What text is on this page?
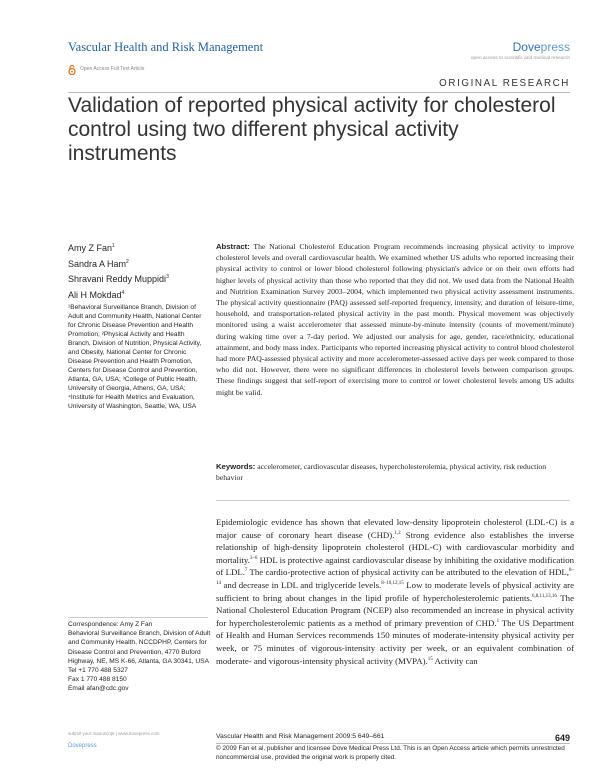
Vascular Health and Risk Management	Dovepress
open access to scientific and medical research
Open Access Full Text Article
ORIGINAL RESEARCH
Validation of reported physical activity for cholesterol control using two different physical activity instruments
Amy Z Fan$^1$
Sandra A Ham$^2$
Shravani Reddy Muppidi$^3$
Ali H Mokdad$^4$
¹Behavioral Surveillance Branch, Division of Adult and Community Health, National Center for Chronic Disease Prevention and Health Promotion; ²Physical Activity and Health Branch, Division of Nutrition, Physical Activity, and Obesity, National Center for Chronic Disease Prevention and Health Promotion, Centers for Disease Control and Prevention, Atlanta, GA, USA; ³College of Public Health, University of Georgia, Athens, GA, USA; ⁴Institute for Health Metrics and Evaluation, University of Washington, Seattle, WA, USA
Abstract: The National Cholesterol Education Program recommends increasing physical activity to improve cholesterol levels and overall cardiovascular health. We examined whether US adults who reported increasing their physical activity to control or lower blood cholesterol following physician's advice or on their own efforts had higher levels of physical activity than those who reported that they did not. We used data from the National Health and Nutrition Examination Survey 2003–2004, which implemented two physical activity assessment instruments. The physical activity questionnaire (PAQ) assessed self-reported frequency, intensity, and duration of leisure-time, household, and transportation-related physical activity in the past month. Physical movement was objectively monitored using a waist accelerometer that assessed minute-by-minute intensity (counts of movement/minute) during waking time over a 7-day period. We adjusted our analysis for age, gender, race/ethnicity, educational attainment, and body mass index. Participants who reported increasing physical activity to control blood cholesterol had more PAQ-assessed physical activity and more accelerometer-assessed active days per week compared to those who did not. However, there were no significant differences in cholesterol levels between comparison groups. These findings suggest that self-report of exercising more to control or lower cholesterol levels among US adults might be valid.
Keywords: accelerometer, cardiovascular diseases, hypercholesterolemia, physical activity, risk reduction behavior
Epidemiologic evidence has shown that elevated low-density lipoprotein cholesterol (LDL-C) is a major cause of coronary heart disease (CHD).$^{1,2}$ Strong evidence also establishes the inverse relationship of high-density lipoprotein cholesterol (HDL-C) with cardiovascular morbidity and mortality.$^{3-6}$ HDL is protective against cardiovascular disease by inhibiting the oxidative modification of LDL.$^7$ The cardio-protective action of physical activity can be attributed to the elevation of HDL,$^{8-14}$ and decrease in LDL and triglyceride levels.$^{8-10,12,15}$ Low to moderate levels of physical activity are sufficient to bring about changes in the lipid profile of hypercholesterolemic patients.$^{6,8,11,13,16}$ The National Cholesterol Education Program (NCEP) also recommended an increase in physical activity for hypercholesterolemic patients as a method of primary prevention of CHD.$^1$ The US Department of Health and Human Services recommends 150 minutes of moderate-intensity physical activity per week, or 75 minutes of vigorous-intensity activity per week, or an equivalent combination of moderate- and vigorous-intensity physical activity (MVPA).$^{15}$ Activity can
Correspondence: Amy Z Fan
Behavioral Surveillance Branch, Division of Adult and Community Health, NCCDPHP, Centers for Disease Control and Prevention, 4770 Buford Highway, NE, MS K-66, Atlanta, GA 30341, USA
Tel +1 770 488 5327
Fax 1 770 488 8150
Email afan@cdc.gov
submit your manuscript | www.dovepress.com
Dovepress
Vascular Health and Risk Management 2009:5 649–661	649
© 2009 Fan et al, publisher and licensee Dove Medical Press Ltd. This is an Open Access article which permits unrestricted noncommercial use, provided the original work is properly cited.
